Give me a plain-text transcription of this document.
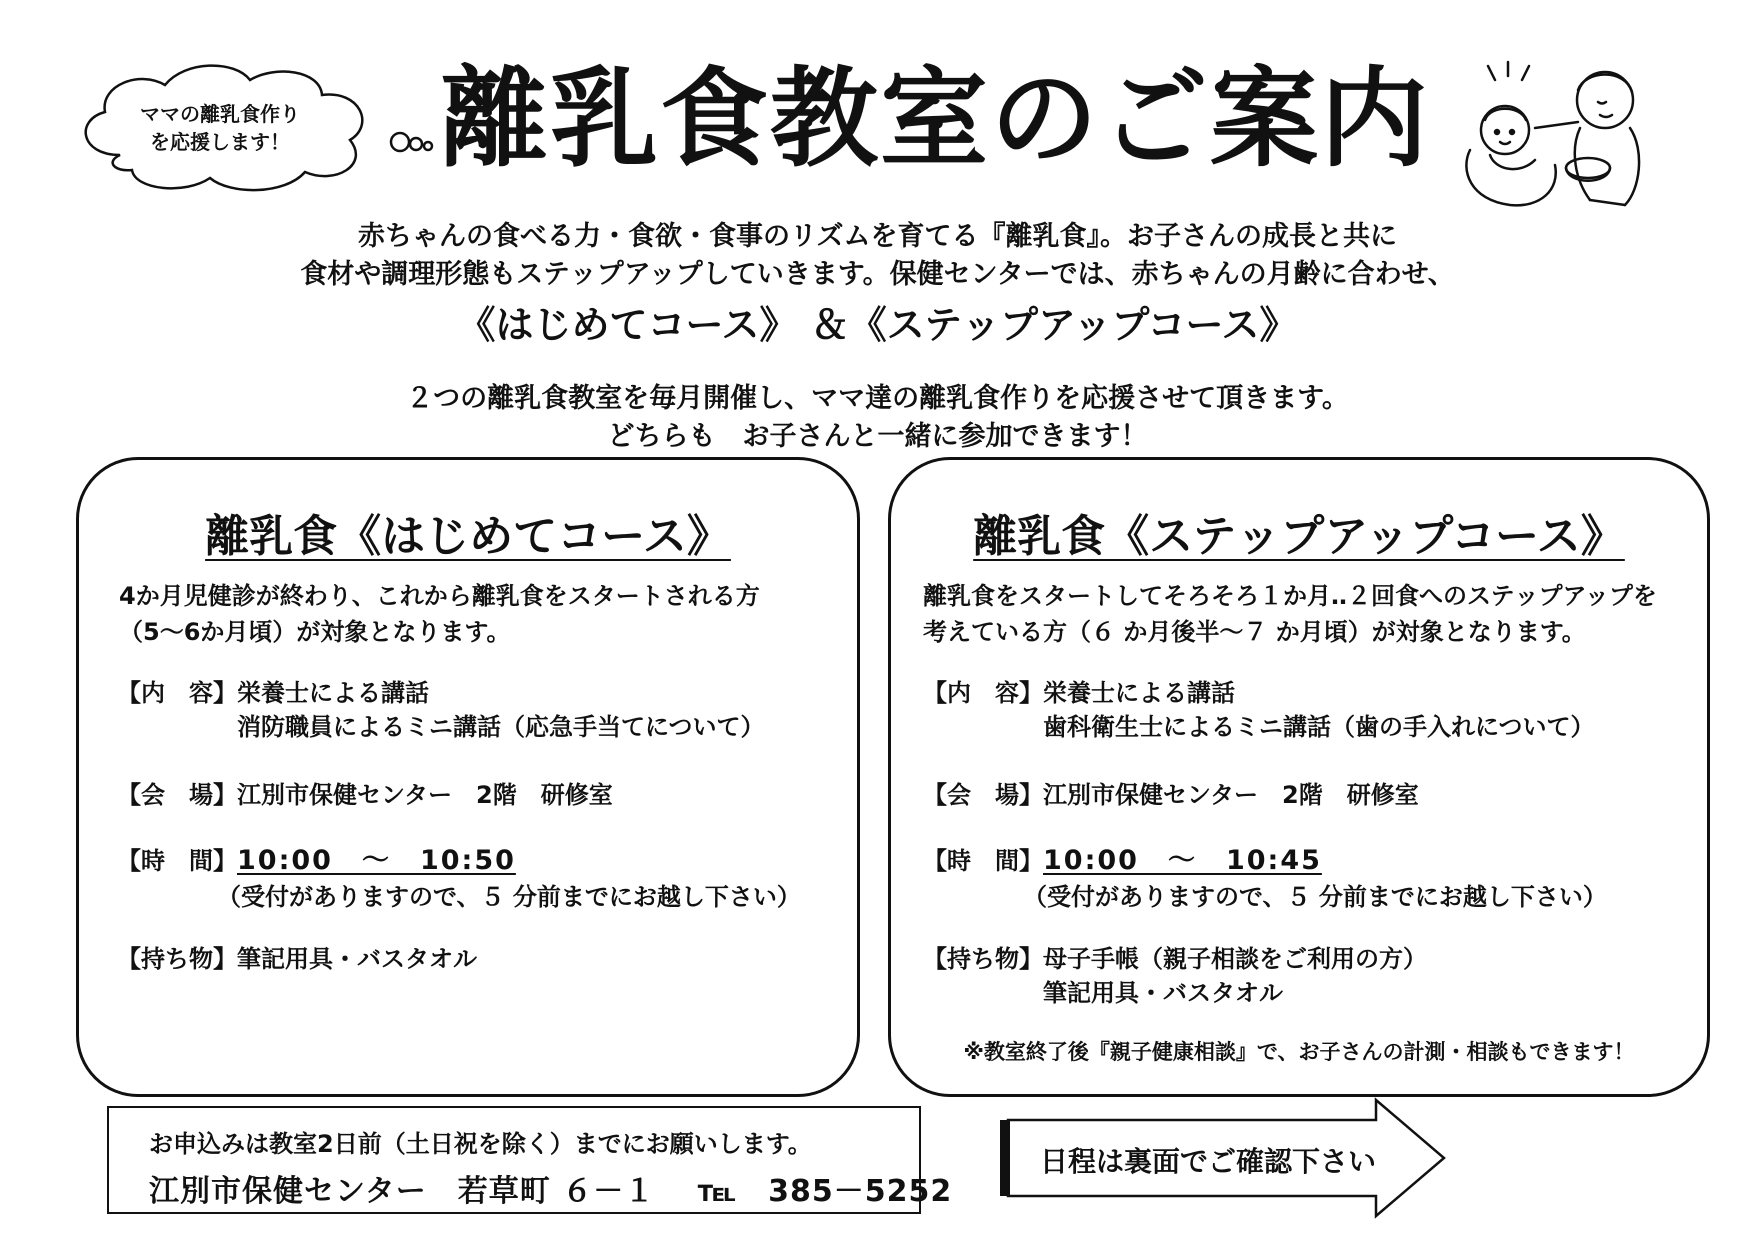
ママの離乳食作り
を応援します！	離乳食教室のご案内
赤ちゃんの食べる力・食欲・食事のリズムを育てる『離乳食』。お子さんの成長と共に
食材や調理形態もステップアップしていきます。保健センターでは、赤ちゃんの月齢に合わせ、
《はじめてコース》 ＆《ステップアップコース》
２つの離乳食教室を毎月開催し、ママ達の離乳食作りを応援させて頂きます。
どちらも　お子さんと一緒に参加できます！
離乳食《はじめてコース》
4か月児健診が終わり、これから離乳食をスタートされる方
（5～6か月頃）が対象となります。
【内　容】 栄養士による講話
消防職員によるミニ講話（応急手当てについて）
【会　場】江別市保健センター　2階　研修室
【時　間】 10:00　～　10:50
（受付がありますので、５ 分前までにお越し下さい）
【持ち物】筆記用具・バスタオル
離乳食《ステップアップコース》
離乳食をスタートしてそろそろ１か月‥２回食へのステップアップを
考えている方（６ か月後半～７ か月頃）が対象となります。
【内　容】 栄養士による講話
歯科衛生士によるミニ講話（歯の手入れについて）
【会　場】江別市保健センター　2階　研修室
【時　間】 10:00　～　10:45
（受付がありますので、５ 分前までにお越し下さい）
【持ち物】 母子手帳（親子相談をご利用の方）
筆記用具・バスタオル
※教室終了後『親子健康相談』で、お子さんの計測・相談もできます！
お申込みは教室2日前（土日祝を除く）までにお願いします。
江別市保健センター　若草町 ６－１　 ℡　385－5252
日程は裏面でご確認下さい
